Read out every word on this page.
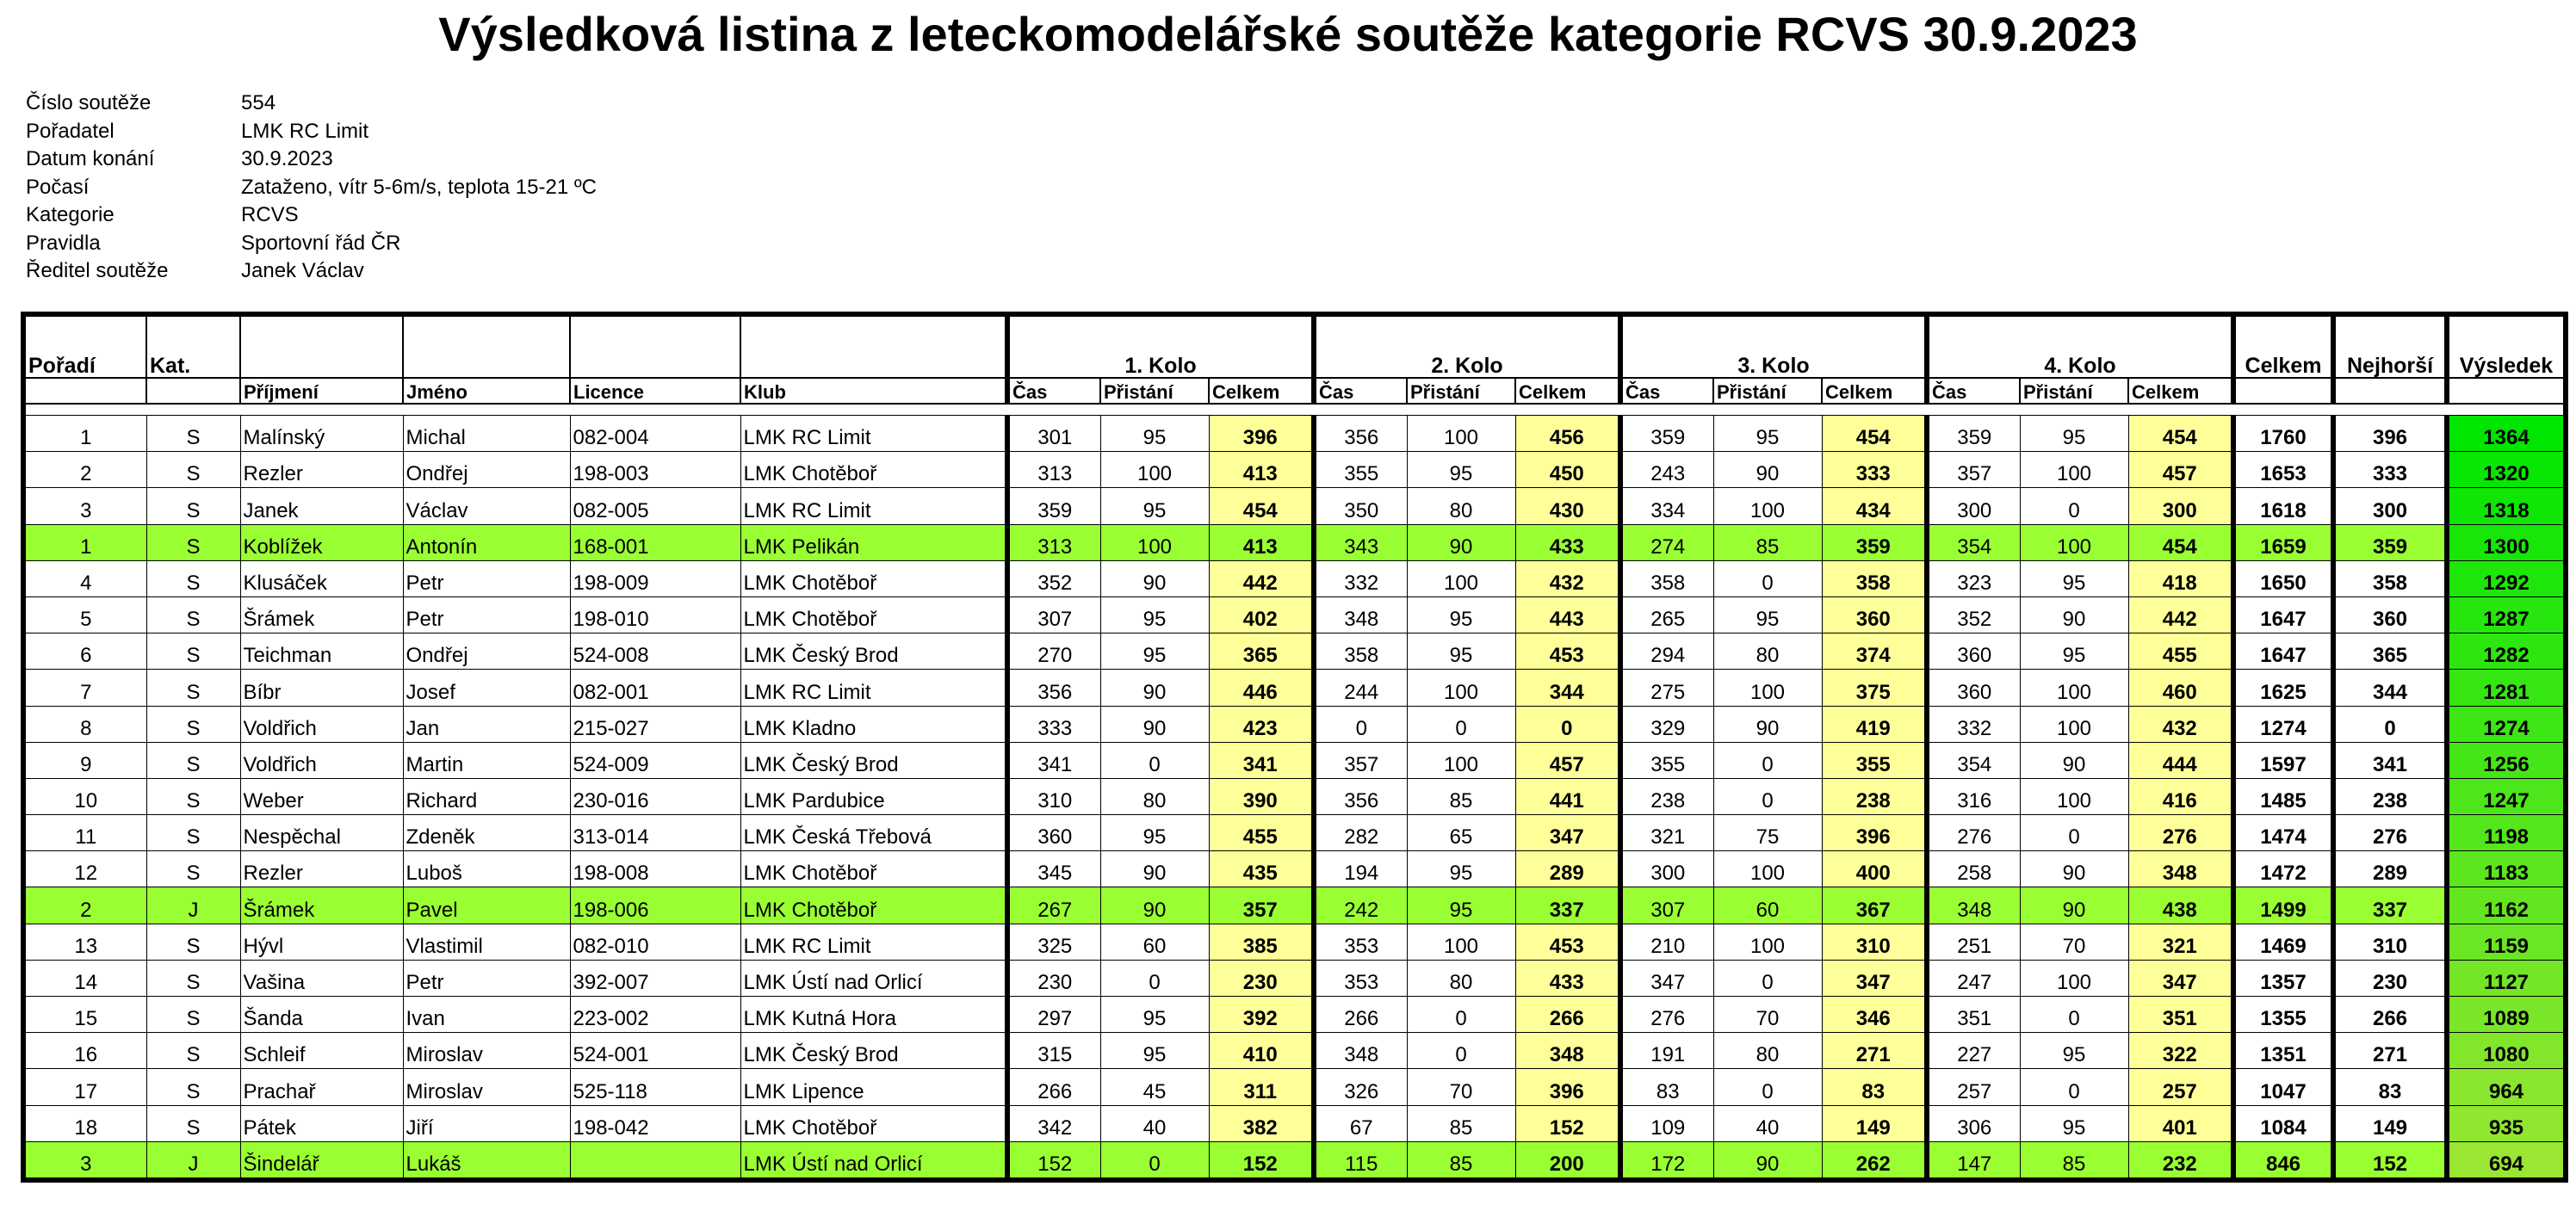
Výsledková listina z leteckomodelářské soutěže kategorie RCVS 30.9.2023
Číslo soutěže	554
Pořadatel	LMK RC Limit
Datum konání	30.9.2023
Počasí	Zataženo, vítr 5-6m/s, teplota 15-21 ºC
Kategorie	RCVS
Pravidla	Sportovní řád ČR
Ředitel soutěže	Janek Václav
Pořadí	Kat.					1. Kolo			2. Kolo			3. Kolo			4. Kolo			Celkem	Nejhorší	Výsledek
		Příjmení	Jméno	Licence	Klub	Čas	Přistání	Celkem	Čas	Přistání	Celkem	Čas	Přistání	Celkem	Čas	Přistání	Celkem			

1	S	Malínský	Michal	082-004	LMK RC Limit	301	95	396	356	100	456	359	95	454	359	95	454	1760	396	1364
2	S	Rezler	Ondřej	198-003	LMK Chotěboř	313	100	413	355	95	450	243	90	333	357	100	457	1653	333	1320
3	S	Janek	Václav	082-005	LMK RC Limit	359	95	454	350	80	430	334	100	434	300	0	300	1618	300	1318
1	S	Koblížek	Antonín	168-001	LMK Pelikán	313	100	413	343	90	433	274	85	359	354	100	454	1659	359	1300
4	S	Klusáček	Petr	198-009	LMK Chotěboř	352	90	442	332	100	432	358	0	358	323	95	418	1650	358	1292
5	S	Šrámek	Petr	198-010	LMK Chotěboř	307	95	402	348	95	443	265	95	360	352	90	442	1647	360	1287
6	S	Teichman	Ondřej	524-008	LMK Český Brod	270	95	365	358	95	453	294	80	374	360	95	455	1647	365	1282
7	S	Bíbr	Josef	082-001	LMK RC Limit	356	90	446	244	100	344	275	100	375	360	100	460	1625	344	1281
8	S	Voldřich	Jan	215-027	LMK Kladno	333	90	423	0	0	0	329	90	419	332	100	432	1274	0	1274
9	S	Voldřich	Martin	524-009	LMK Český Brod	341	0	341	357	100	457	355	0	355	354	90	444	1597	341	1256
10	S	Weber	Richard	230-016	LMK Pardubice	310	80	390	356	85	441	238	0	238	316	100	416	1485	238	1247
11	S	Nespěchal	Zdeněk	313-014	LMK Česká Třebová	360	95	455	282	65	347	321	75	396	276	0	276	1474	276	1198
12	S	Rezler	Luboš	198-008	LMK Chotěboř	345	90	435	194	95	289	300	100	400	258	90	348	1472	289	1183
2	J	Šrámek	Pavel	198-006	LMK Chotěboř	267	90	357	242	95	337	307	60	367	348	90	438	1499	337	1162
13	S	Hývl	Vlastimil	082-010	LMK RC Limit	325	60	385	353	100	453	210	100	310	251	70	321	1469	310	1159
14	S	Vašina	Petr	392-007	LMK Ústí nad Orlicí	230	0	230	353	80	433	347	0	347	247	100	347	1357	230	1127
15	S	Šanda	Ivan	223-002	LMK Kutná Hora	297	95	392	266	0	266	276	70	346	351	0	351	1355	266	1089
16	S	Schleif	Miroslav	524-001	LMK Český Brod	315	95	410	348	0	348	191	80	271	227	95	322	1351	271	1080
17	S	Prachař	Miroslav	525-118	LMK Lipence	266	45	311	326	70	396	83	0	83	257	0	257	1047	83	964
18	S	Pátek	Jiří	198-042	LMK Chotěboř	342	40	382	67	85	152	109	40	149	306	95	401	1084	149	935
3	J	Šindelář	Lukáš		LMK Ústí nad Orlicí	152	0	152	115	85	200	172	90	262	147	85	232	846	152	694
